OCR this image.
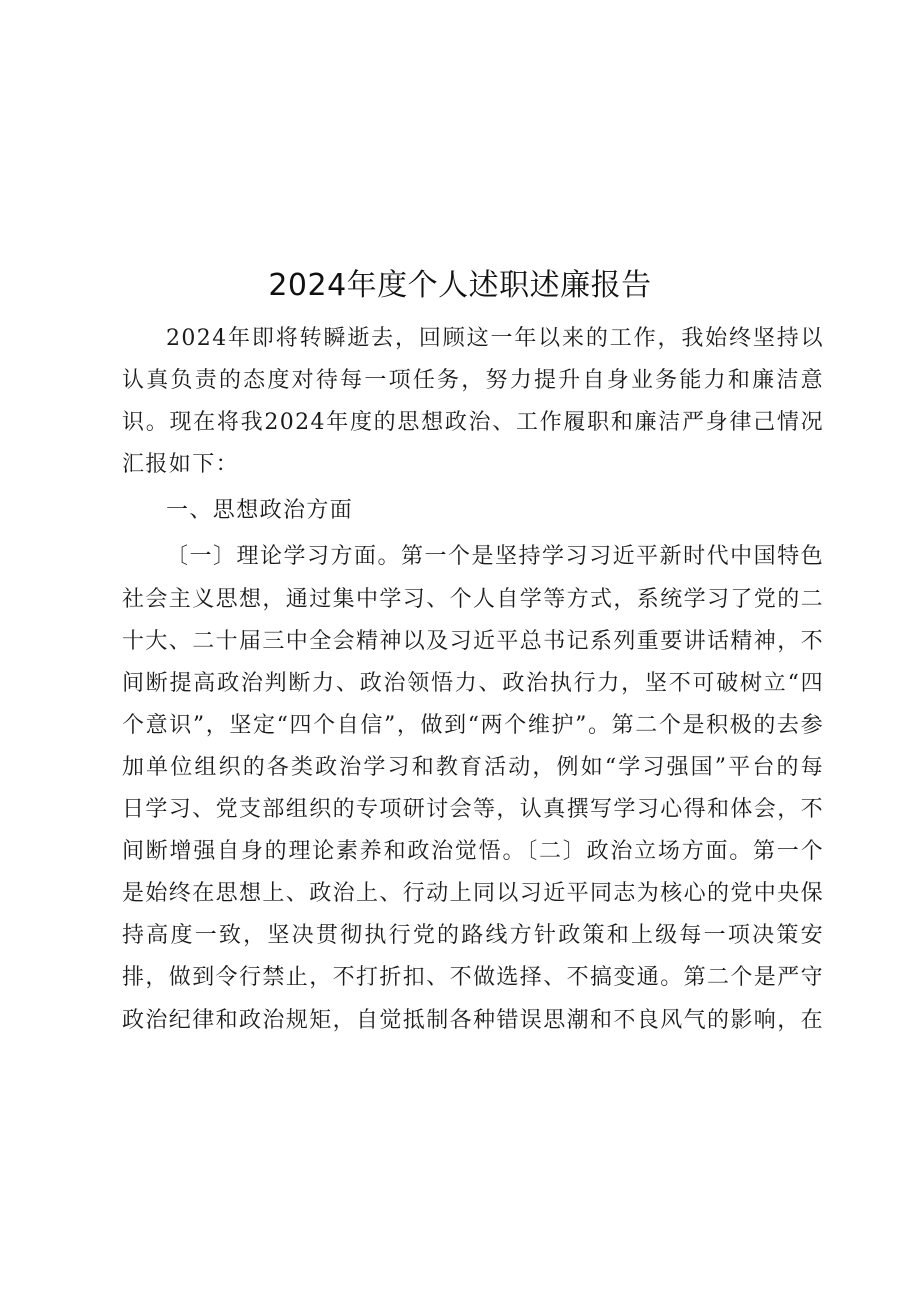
2024年度个人述职述廉报告

2024年即将转瞬逝去，回顾这一年以来的工作，我始终坚持以认真负责的态度对待每一项任务，努力提升自身业务能力和廉洁意识。现在将我2024年度的思想政治、工作履职和廉洁严身律己情况汇报如下：

一、思想政治方面

〔一〕理论学习方面。第一个是坚持学习习近平新时代中国特色社会主义思想，通过集中学习、个人自学等方式，系统学习了党的二十大、二十届三中全会精神以及习近平总书记系列重要讲话精神，不间断提高政治判断力、政治领悟力、政治执行力，坚不可破树立“四个意识”，坚定“四个自信”，做到“两个维护”。第二个是积极的去参加单位组织的各类政治学习和教育活动，例如“学习强国”平台的每日学习、党支部组织的专项研讨会等，认真撰写学习心得和体会，不间断增强自身的理论素养和政治觉悟。〔二〕政治立场方面。第一个是始终在思想上、政治上、行动上同以习近平同志为核心的党中央保持高度一致，坚决贯彻执行党的路线方针政策和上级每一项决策安排，做到令行禁止，不打折扣、不做选择、不搞变通。第二个是严守政治纪律和政治规矩，自觉抵制各种错误思潮和不良风气的影响，在
